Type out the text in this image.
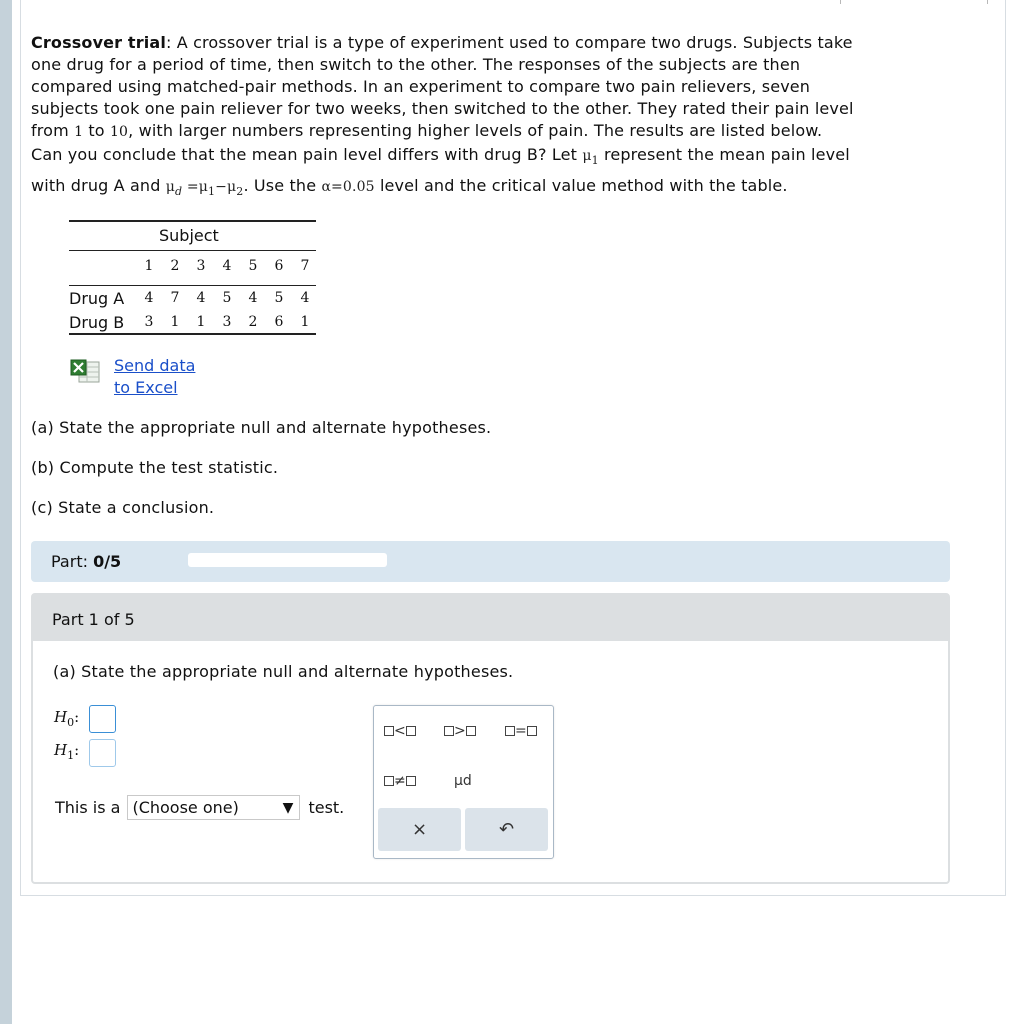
Crossover trial: A crossover trial is a type of experiment used to compare two drugs. Subjects take

one drug for a period of time, then switch to the other. The responses of the subjects are then

compared using matched-pair methods. In an experiment to compare two pain relievers, seven

subjects took one pain reliever for two weeks, then switched to the other. They rated their pain level

from 1 to 10, with larger numbers representing higher levels of pain. The results are listed below.

Can you conclude that the mean pain level differs with drug B? Let $\mu_1$ represent the mean pain level

with drug A and $\mu_d =\mu_1-\mu_2$. Use the α=0.05 level and the critical value method with the table.

Subject
1	2	3	4	5	6	7
Drug A	4	7	4	5	4	5	4
Drug B	3	1	1	3	2	6	1
Send data
to Excel
(a) State the appropriate null and alternate hypotheses.
(b) Compute the test statistic.
(c) State a conclusion.
Part: 0/5
Part 1 of 5
(a) State the appropriate null and alternate hypotheses.
$H_0$:
$H_1$:
This is a (Choose one)	▼ test.
<	>	=
≠	μd
×	↶
